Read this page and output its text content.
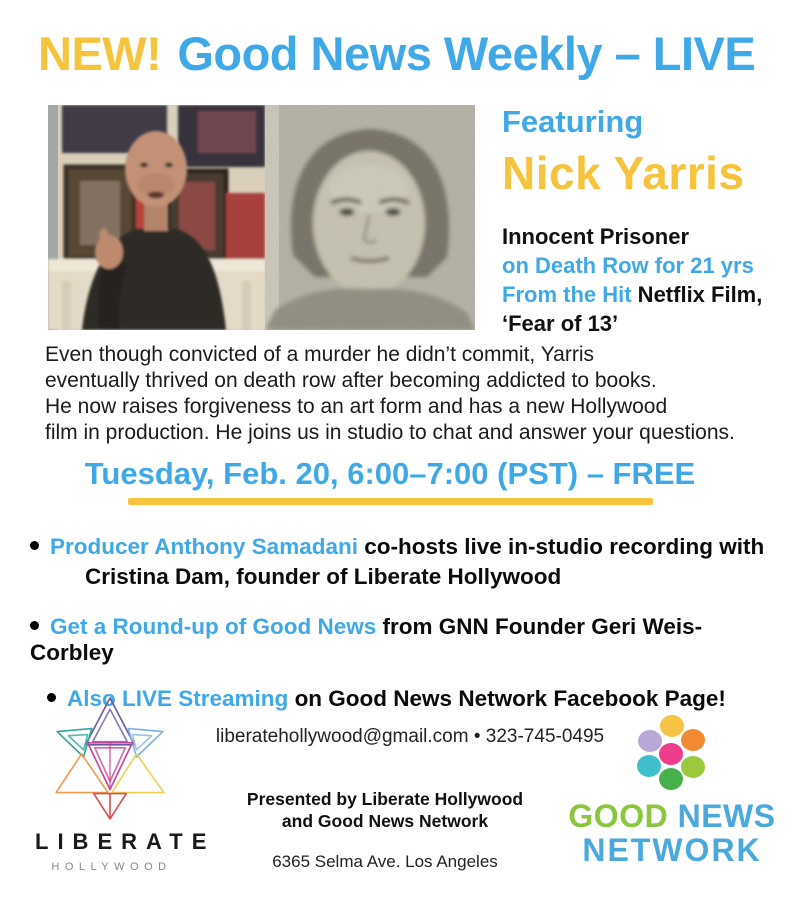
NEW! Good News Weekly – LIVE
Featuring
Nick Yarris
Innocent Prisoner
on Death Row for 21 yrs
From the Hit Netflix Film,
‘Fear of 13’
Even though convicted of a murder he didn’t commit, Yarris
eventually thrived on death row after becoming addicted to books.
He now raises forgiveness to an art form and has a new Hollywood
film in production. He joins us in studio to chat and answer your questions.
Tuesday, Feb. 20, 6:00–7:00 (PST) – FREE
Producer Anthony Samadani co-hosts live in-studio recording with
Cristina Dam, founder of Liberate Hollywood
Get a Round-up of Good News from GNN Founder Geri Weis-Corbley
Also LIVE Streaming on Good News Network Facebook Page!
LIBERATE
HOLLYWOOD
liberatehollywood@gmail.com • 323-745-0495
Presented by Liberate Hollywood
and Good News Network
6365 Selma Ave. Los Angeles
GOOD NEWS
NETWORK
